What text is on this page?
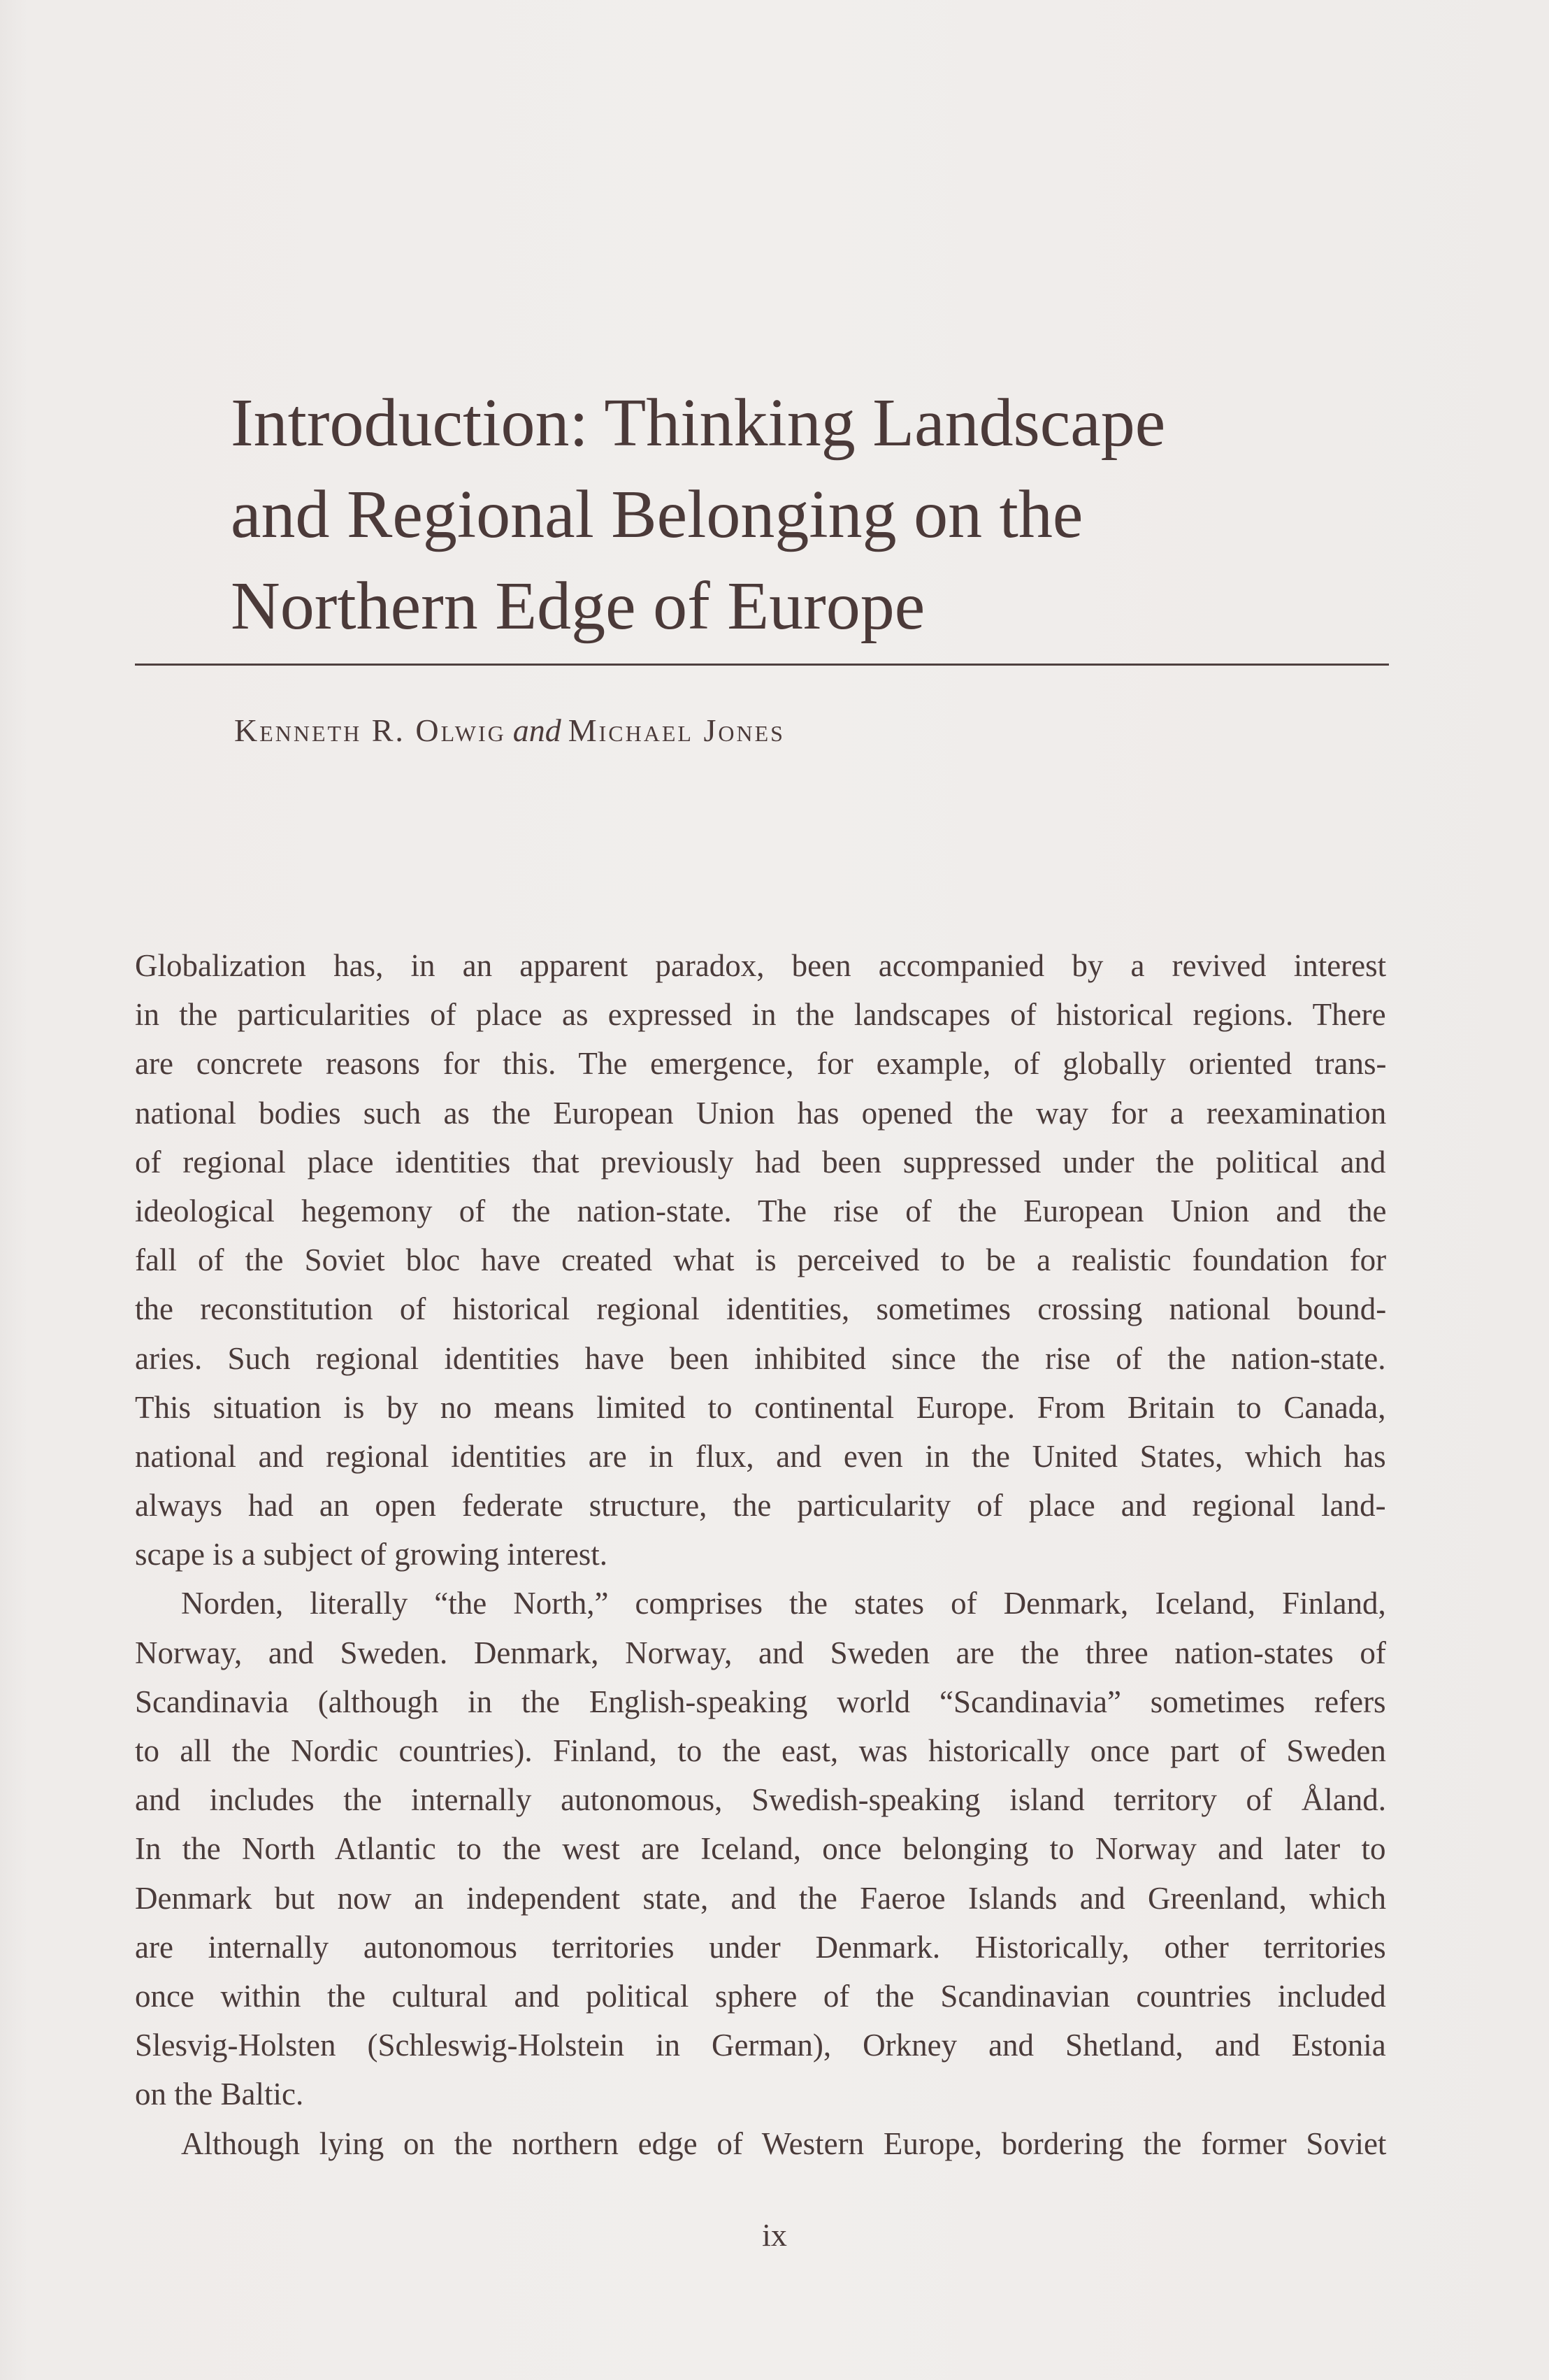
Introduction: Thinking Landscape
and Regional Belonging on the
Northern Edge of Europe
Kenneth R. Olwig and Michael Jones
Globalization has, in an apparent paradox, been accompanied by a revived interest
in the particularities of place as expressed in the landscapes of historical regions. There
are concrete reasons for this. The emergence, for example, of globally oriented trans-
national bodies such as the European Union has opened the way for a reexamination
of regional place identities that previously had been suppressed under the political and
ideological hegemony of the nation-state. The rise of the European Union and the
fall of the Soviet bloc have created what is perceived to be a realistic foundation for
the reconstitution of historical regional identities, sometimes crossing national bound-
aries. Such regional identities have been inhibited since the rise of the nation-state.
This situation is by no means limited to continental Europe. From Britain to Canada,
national and regional identities are in flux, and even in the United States, which has
always had an open federate structure, the particularity of place and regional land-
scape is a subject of growing interest.
Norden, literally “the North,” comprises the states of Denmark, Iceland, Finland,
Norway, and Sweden. Denmark, Norway, and Sweden are the three nation-states of
Scandinavia (although in the English-speaking world “Scandinavia” sometimes refers
to all the Nordic countries). Finland, to the east, was historically once part of Sweden
and includes the internally autonomous, Swedish-speaking island territory of Åland.
In the North Atlantic to the west are Iceland, once belonging to Norway and later to
Denmark but now an independent state, and the Faeroe Islands and Greenland, which
are internally autonomous territories under Denmark. Historically, other territories
once within the cultural and political sphere of the Scandinavian countries included
Slesvig-Holsten (Schleswig-Holstein in German), Orkney and Shetland, and Estonia
on the Baltic.
Although lying on the northern edge of Western Europe, bordering the former Soviet
ix
